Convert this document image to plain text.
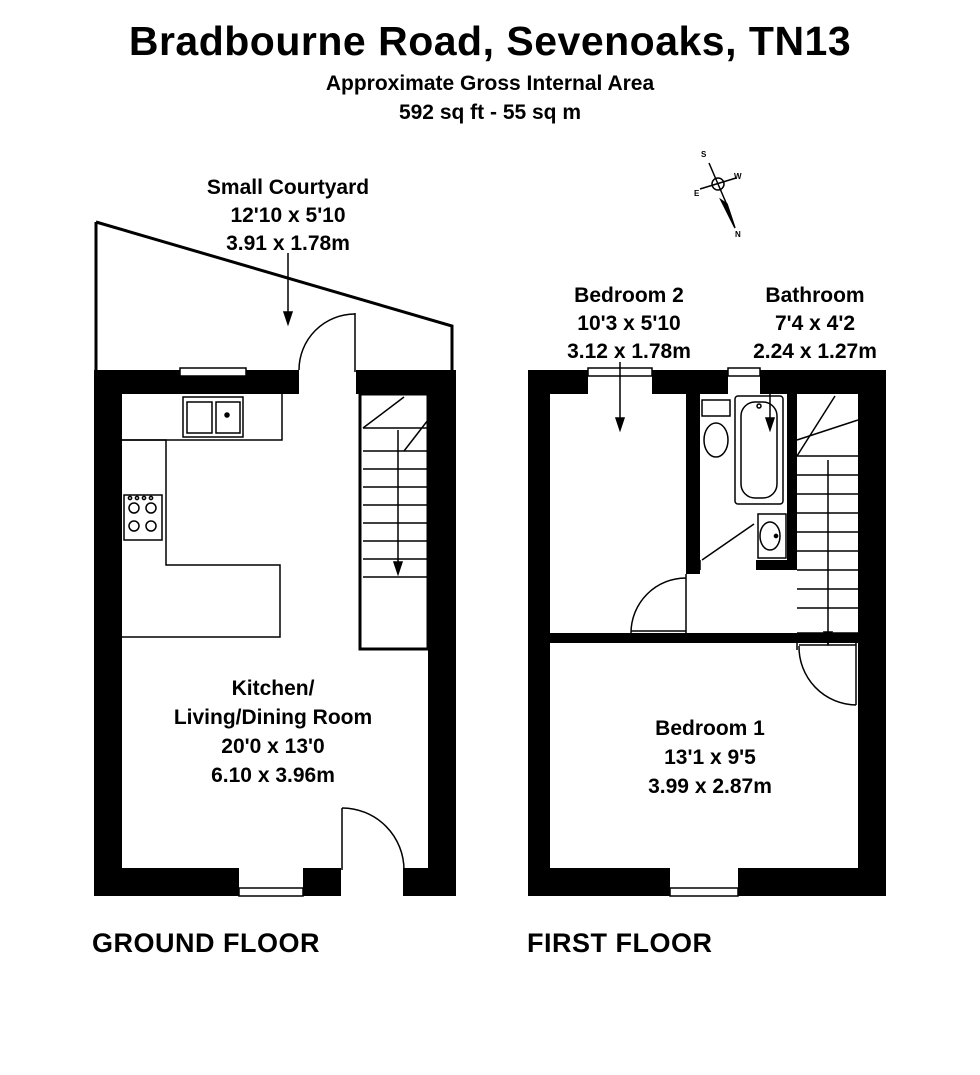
Bradbourne Road, Sevenoaks, TN13
Approximate Gross Internal Area
592 sq ft - 55 sq m
S
W
E
N
Small Courtyard
12'10 x 5'10
3.91 x 1.78m
Kitchen/
Living/Dining Room
20'0 x 13'0
6.10 x 3.96m
Bedroom 2
10'3 x 5'10
3.12 x 1.78m
Bathroom
7'4 x 4'2
2.24 x 1.27m
Bedroom 1
13'1 x 9'5
3.99 x 2.87m
GROUND FLOOR	FIRST FLOOR
